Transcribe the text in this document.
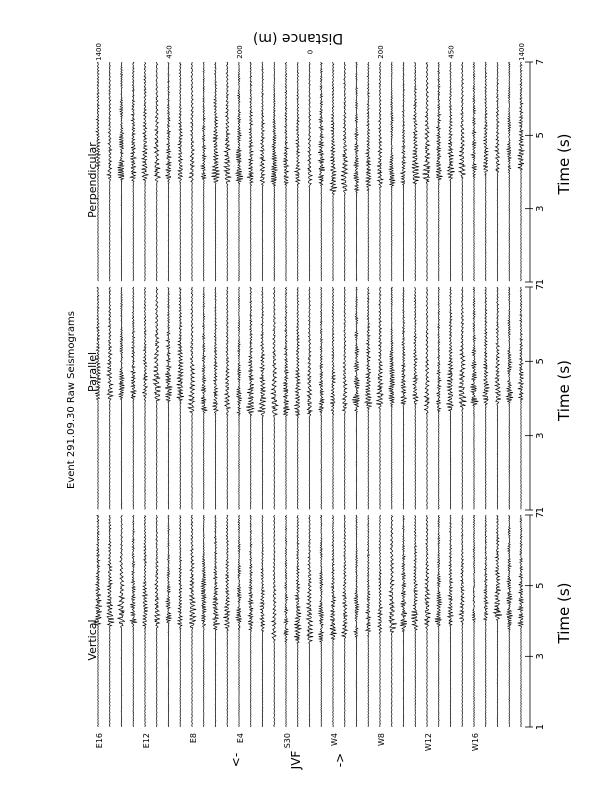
1
3
5
7
Time (s)
Vertical
1
3
5
7
Time (s)
Parallel
1
3
5
7
Time (s)
Perpendicular
Event 291.09.30 Raw Seismograms
E16	E12	E8	E4	S30	W4	W8	W12	W16
1400	450	200	0	200	450	1400
Distance (m)
JVF
<-	->
